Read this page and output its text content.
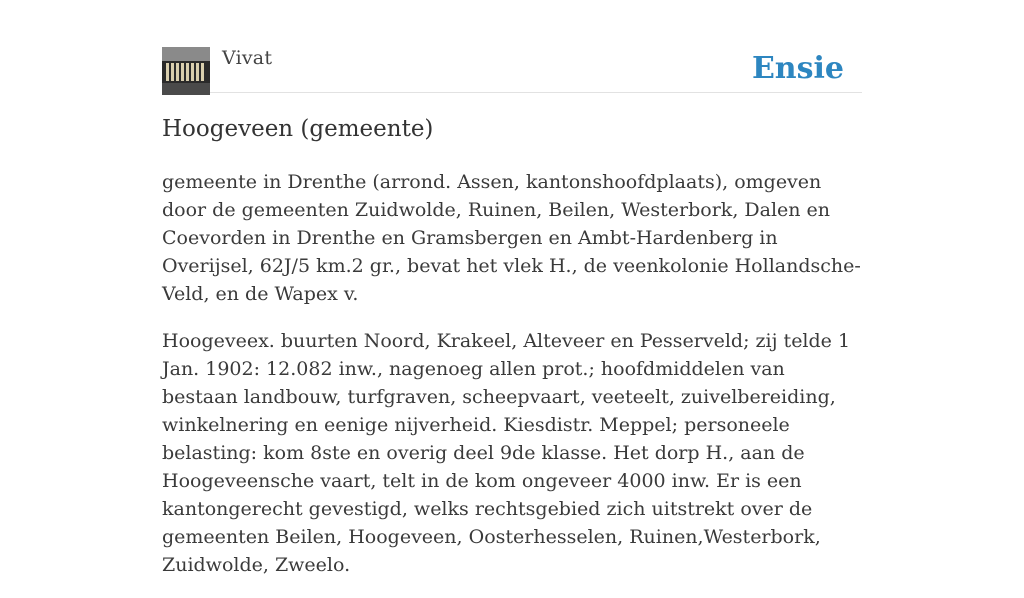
Vivat	Ensie
Hoogeveen (gemeente)

gemeente in Drenthe (arrond. Assen, kantonshoofdplaats), omgeven door de gemeenten Zuidwolde, Ruinen, Beilen, Westerbork, Dalen en Coevorden in Drenthe en Gramsbergen en Ambt-Hardenberg in Overijsel, 62J/5 km.2 gr., bevat het vlek H., de veenkolonie Hollandsche-Veld, en de Wapex v.

Hoogeveex. buurten Noord, Krakeel, Alteveer en Pesserveld; zij telde 1 Jan. 1902: 12.082 inw., nagenoeg allen prot.; hoofdmiddelen van bestaan landbouw, turfgraven, scheepvaart, veeteelt, zuivelbereiding, winkelnering en eenige nijverheid. Kiesdistr. Meppel; personeele belasting: kom 8ste en overig deel 9de klasse. Het dorp H., aan de Hoogeveensche vaart, telt in de kom ongeveer 4000 inw. Er is een kantongerecht gevestigd, welks rechtsgebied zich uitstrekt over de gemeenten Beilen, Hoogeveen, Oosterhesselen, Ruinen,Westerbork, Zuidwolde, Zweelo.
